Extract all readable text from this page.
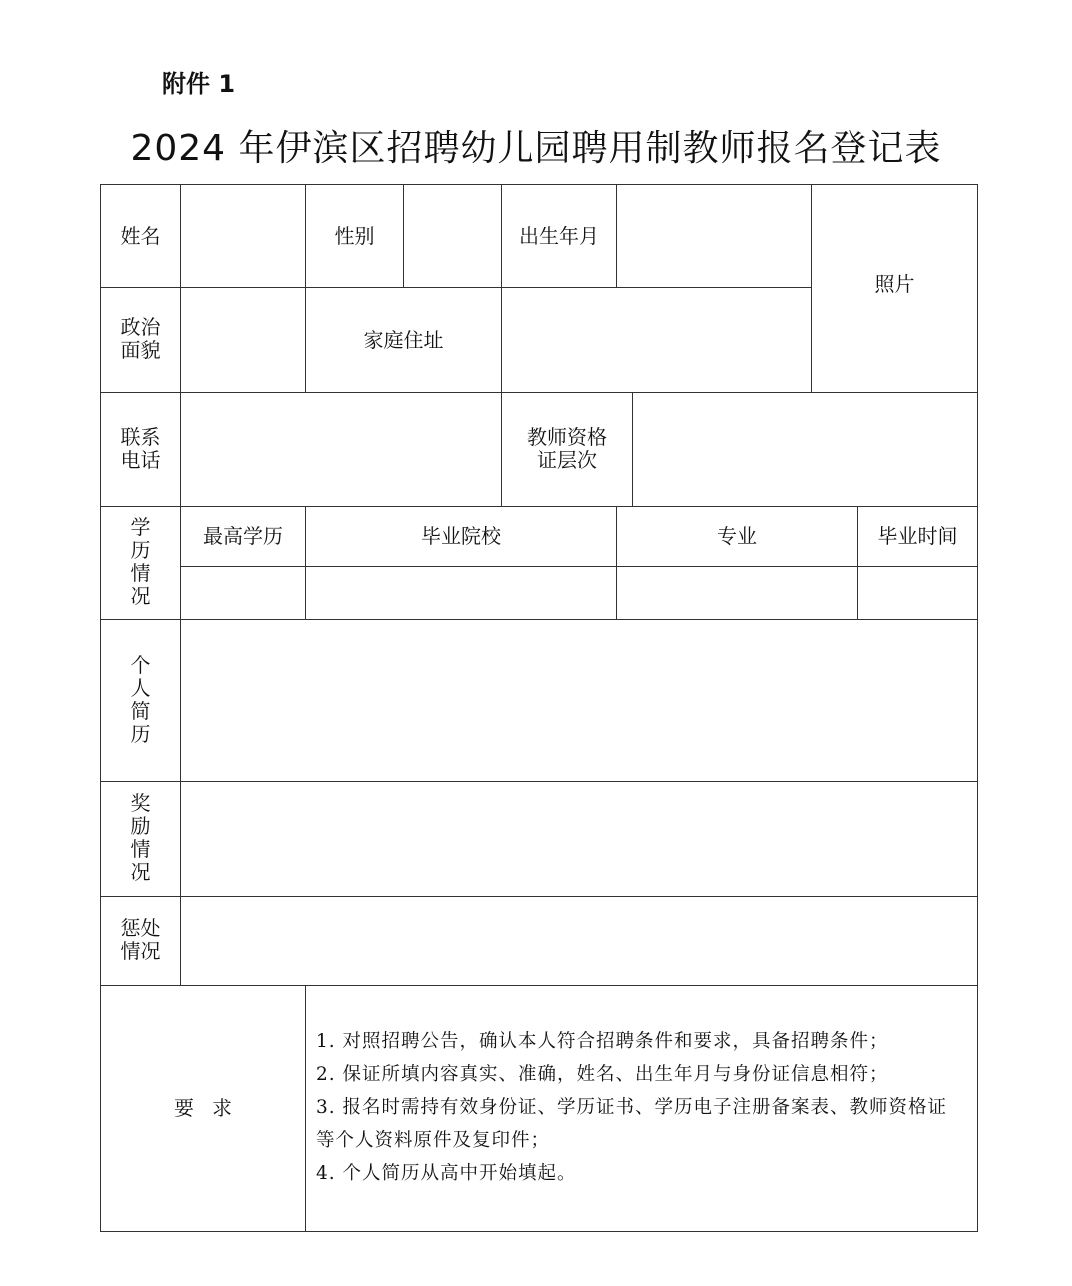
附件 1
2024 年伊滨区招聘幼儿园聘用制教师报名登记表
姓名		性别		出生年月			照片	
政治面貌		家庭住址						
联系电话				教师资格证层次				
学历情况	最高学历	毕业院校			专业			毕业时间

个人简历								
奖励情况								
惩处情况								
要求		1. 对照招聘公告，确认本人符合招聘条件和要求，具备招聘条件；
2. 保证所填内容真实、准确，姓名、出生年月与身份证信息相符；
3. 报名时需持有效身份证、学历证书、学历电子注册备案表、教师资格证等个人资料原件及复印件；
4. 个人简历从高中开始填起。						
